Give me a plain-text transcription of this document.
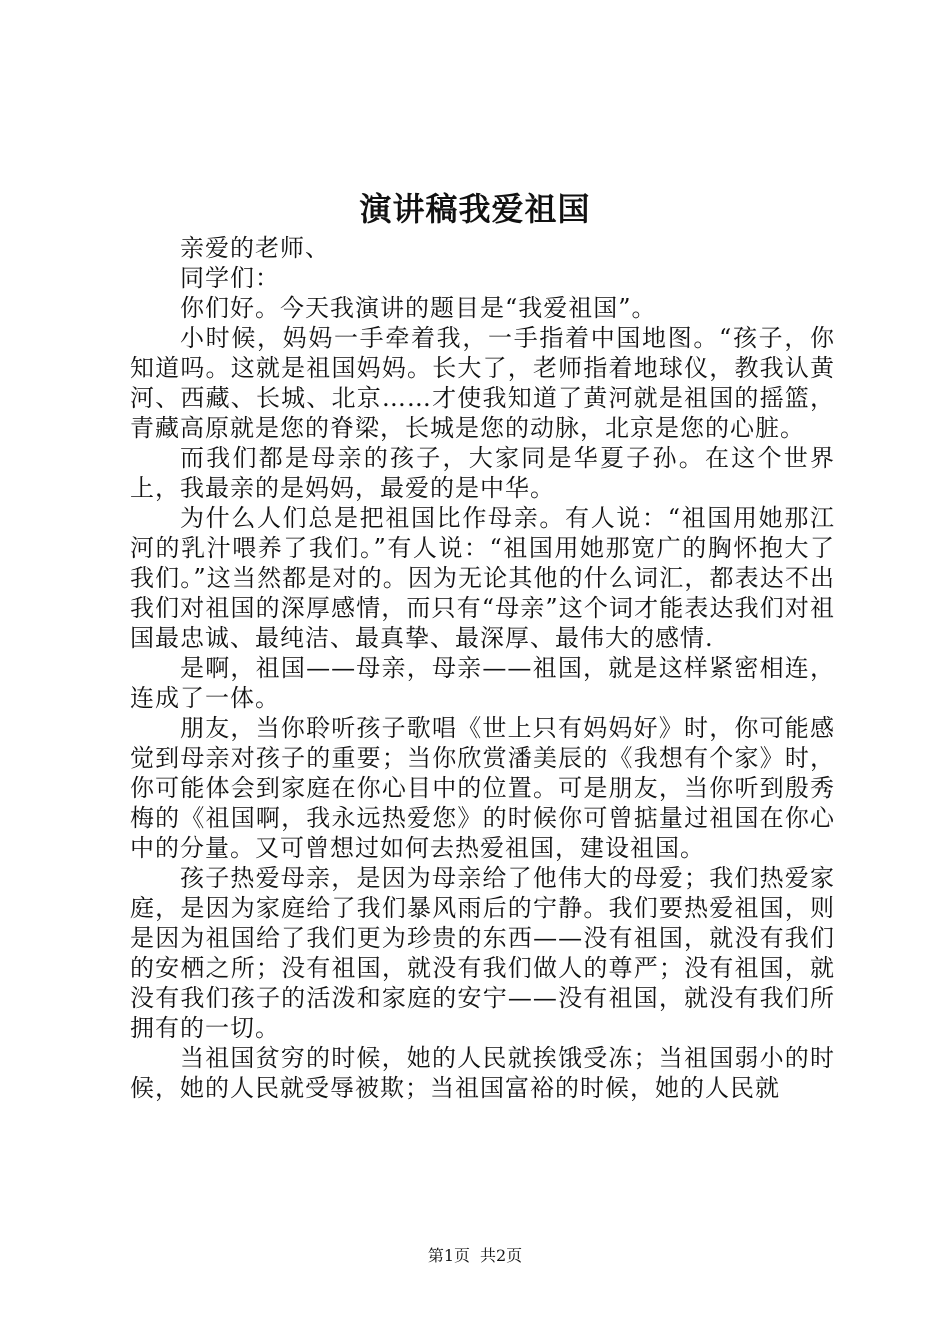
演讲稿我爱祖国

亲爱的老师、

同学们：

你们好。今天我演讲的题目是“我爱祖国”。

小时候，妈妈一手牵着我，一手指着中国地图。“孩子，你知道吗。这就是祖国妈妈。长大了，老师指着地球仪，教我认黄河、西藏、长城、北京……才使我知道了黄河就是祖国的摇篮，青藏高原就是您的脊梁，长城是您的动脉，北京是您的心脏。

而我们都是母亲的孩子，大家同是华夏子孙。在这个世界上，我最亲的是妈妈，最爱的是中华。

为什么人们总是把祖国比作母亲。有人说：“祖国用她那江河的乳汁喂养了我们。”有人说：“祖国用她那宽广的胸怀抱大了我们。”这当然都是对的。因为无论其他的什么词汇，都表达不出我们对祖国的深厚感情，而只有“母亲”这个词才能表达我们对祖国最忠诚、最纯洁、最真挚、最深厚、最伟大的感情.

是啊，祖国——母亲，母亲——祖国，就是这样紧密相连，连成了一体。

朋友，当你聆听孩子歌唱《世上只有妈妈好》时，你可能感觉到母亲对孩子的重要；当你欣赏潘美辰的《我想有个家》时，你可能体会到家庭在你心目中的位置。可是朋友，当你听到殷秀梅的《祖国啊，我永远热爱您》的时候你可曾掂量过祖国在你心中的分量。又可曾想过如何去热爱祖国，建设祖国。

孩子热爱母亲，是因为母亲给了他伟大的母爱；我们热爱家庭，是因为家庭给了我们暴风雨后的宁静。我们要热爱祖国，则是因为祖国给了我们更为珍贵的东西——没有祖国，就没有我们的安栖之所；没有祖国，就没有我们做人的尊严；没有祖国，就没有我们孩子的活泼和家庭的安宁——没有祖国，就没有我们所拥有的一切。

当祖国贫穷的时候，她的人民就挨饿受冻；当祖国弱小的时候，她的人民就受辱被欺；当祖国富裕的时候，她的人民就

第1页 共2页
